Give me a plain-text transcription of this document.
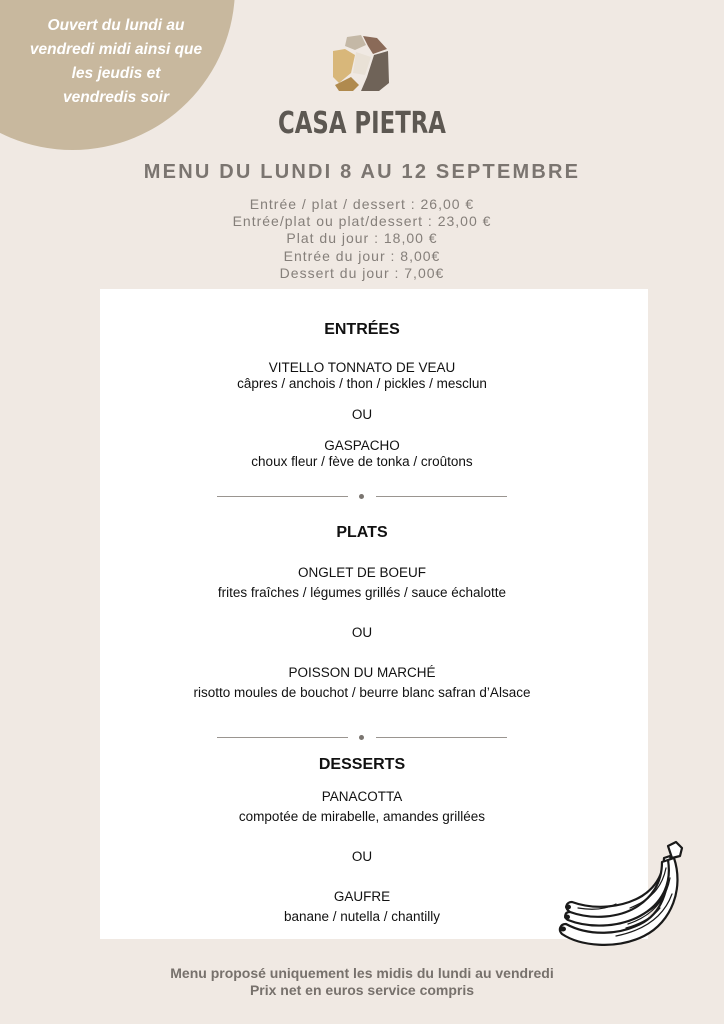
Ouvert du lundi au
vendredi midi ainsi que
les jeudis et
vendredis soir
CASA PIETRA
MENU DU LUNDI 8 AU 12 SEPTEMBRE
Entrée / plat / dessert : 26,00 €
Entrée/plat ou plat/dessert : 23,00 €
Plat du jour : 18,00 €
Entrée du jour : 8,00€
Dessert du jour : 7,00€
ENTRÉES
VITELLO TONNATO DE VEAU
câpres / anchois / thon / pickles / mesclun
OU
GASPACHO
choux fleur / fève de tonka / croûtons
PLATS
ONGLET DE BOEUF
frites fraîches / légumes grillés / sauce échalotte
OU
POISSON DU MARCHÉ
risotto moules de bouchot / beurre blanc safran d’Alsace
DESSERTS
PANACOTTA
compotée de mirabelle, amandes grillées
OU
GAUFRE
banane / nutella / chantilly
Menu proposé uniquement les midis du lundi au vendredi
Prix net en euros service compris
